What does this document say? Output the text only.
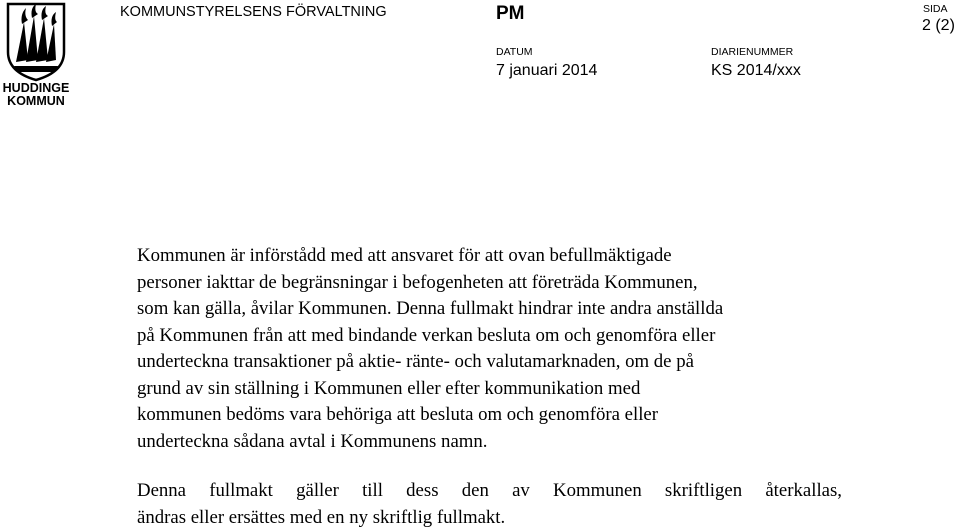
HUDDINGE
KOMMUN
KOMMUNSTYRELSENS FÖRVALTNING	PM	SIDA
2 (2)
DATUM
7 januari 2014
DIARIENUMMER
KS 2014/xxx
Kommunen är införstådd med att ansvaret för att ovan befullmäktigade
personer iakttar de begränsningar i befogenheten att företräda Kommunen,
som kan gälla, åvilar Kommunen. Denna fullmakt hindrar inte andra anställda
på Kommunen från att med bindande verkan besluta om och genomföra eller
underteckna transaktioner på aktie- ränte- och valutamarknaden, om de på
grund av sin ställning i Kommunen eller efter kommunikation med
kommunen bedöms vara behöriga att besluta om och genomföra eller
underteckna sådana avtal i Kommunens namn.
Denna fullmakt gäller till dess den av Kommunen skriftligen återkallas,
ändras eller ersättes med en ny skriftlig fullmakt.
